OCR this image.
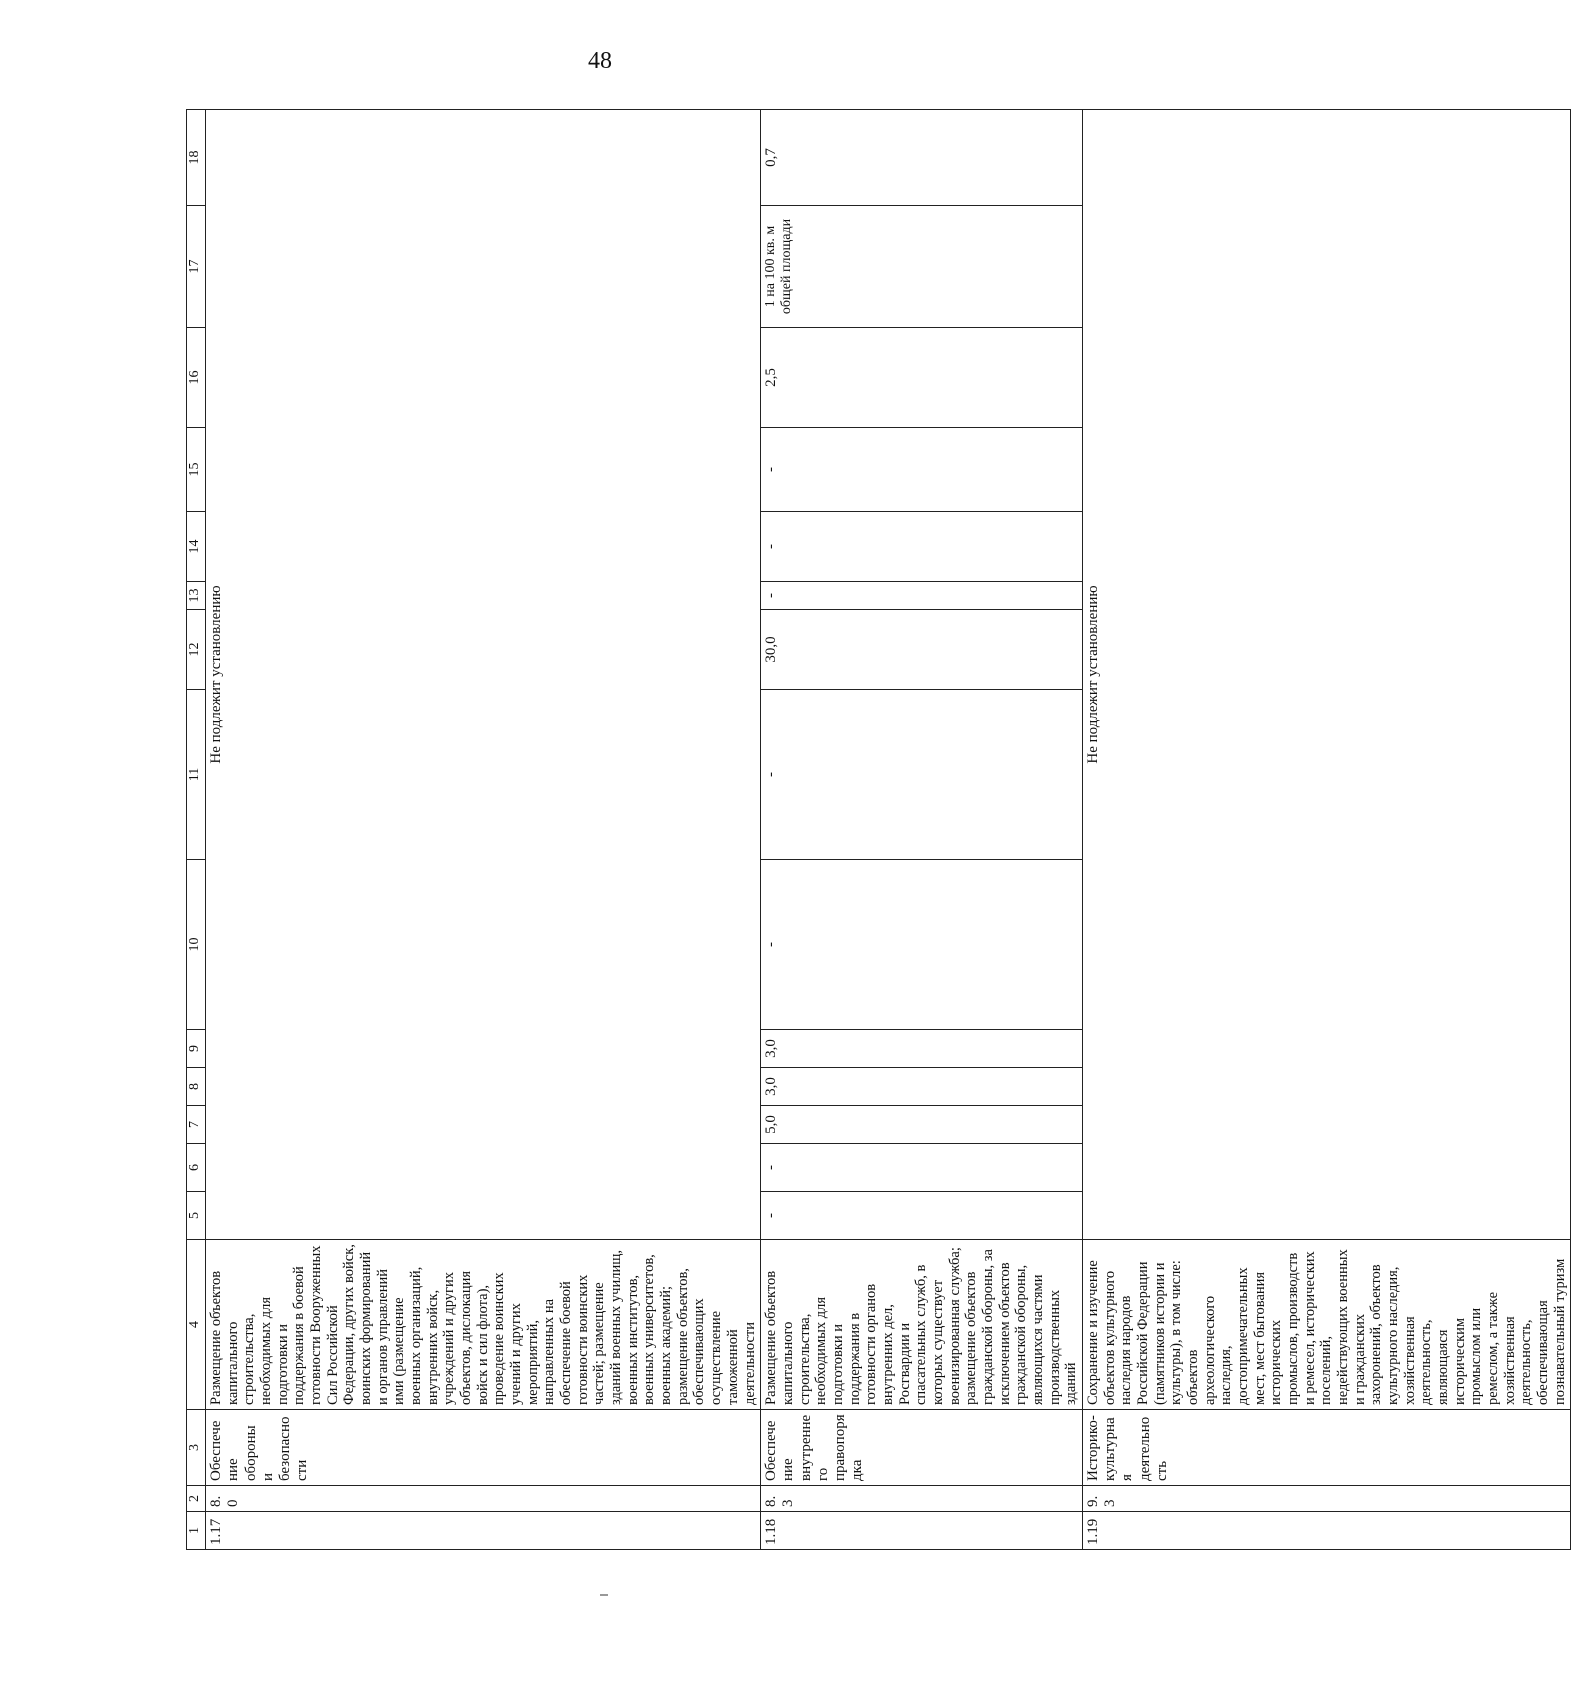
48
1	2	3	4	5	6	7	8	9	10	11	12	13	14	15	16	17	18
1.17	8.0	Обеспечение обороны и безопасности	Размещение объектов капитального строительства, необходимых для подготовки и поддержания в боевой готовности Вооруженных Сил Российской Федерации, других войск, воинских формирований и органов управлений ими (размещение военных организаций, внутренних войск, учреждений и других объектов, дислокация войск и сил флота), проведение воинских учений и других мероприятий, направленных на обеспечение боевой готовности воинских частей; размещение зданий военных училищ, военных институтов, военных университетов, военных академий; размещение объектов, обеспечивающих осуществление таможенной деятельности	Не подлежит установлению													
1.18	8.3	Обеспечение внутреннего правопорядка	Размещение объектов капитального строительства, необходимых для подготовки и поддержания в готовности органов внутренних дел, Росгвардии и спасательных служб, в которых существует военизированная служба; размещение объектов гражданской обороны, за исключением объектов гражданской обороны, являющихся частями производственных зданий	-	-	5,0	3,0	3,0	-	-	30,0	-	-	-	2,5	1 на 100 кв. м общей площади	0,7
1.19	9.3	Историко-культурная деятельность	Сохранение и изучение объектов культурного наследия народов Российской Федерации (памятников истории и культуры), в том числе: объектов археологического наследия, достопримечательных мест, мест бытования исторических промыслов, производств и ремесел, исторических поселений, недействующих военных и гражданских захоронений, объектов культурного наследия, хозяйственная деятельность, являющаяся историческим промыслом или ремеслом, а также хозяйственная деятельность, обеспечивающая познавательный туризм	Не подлежит установлению													
